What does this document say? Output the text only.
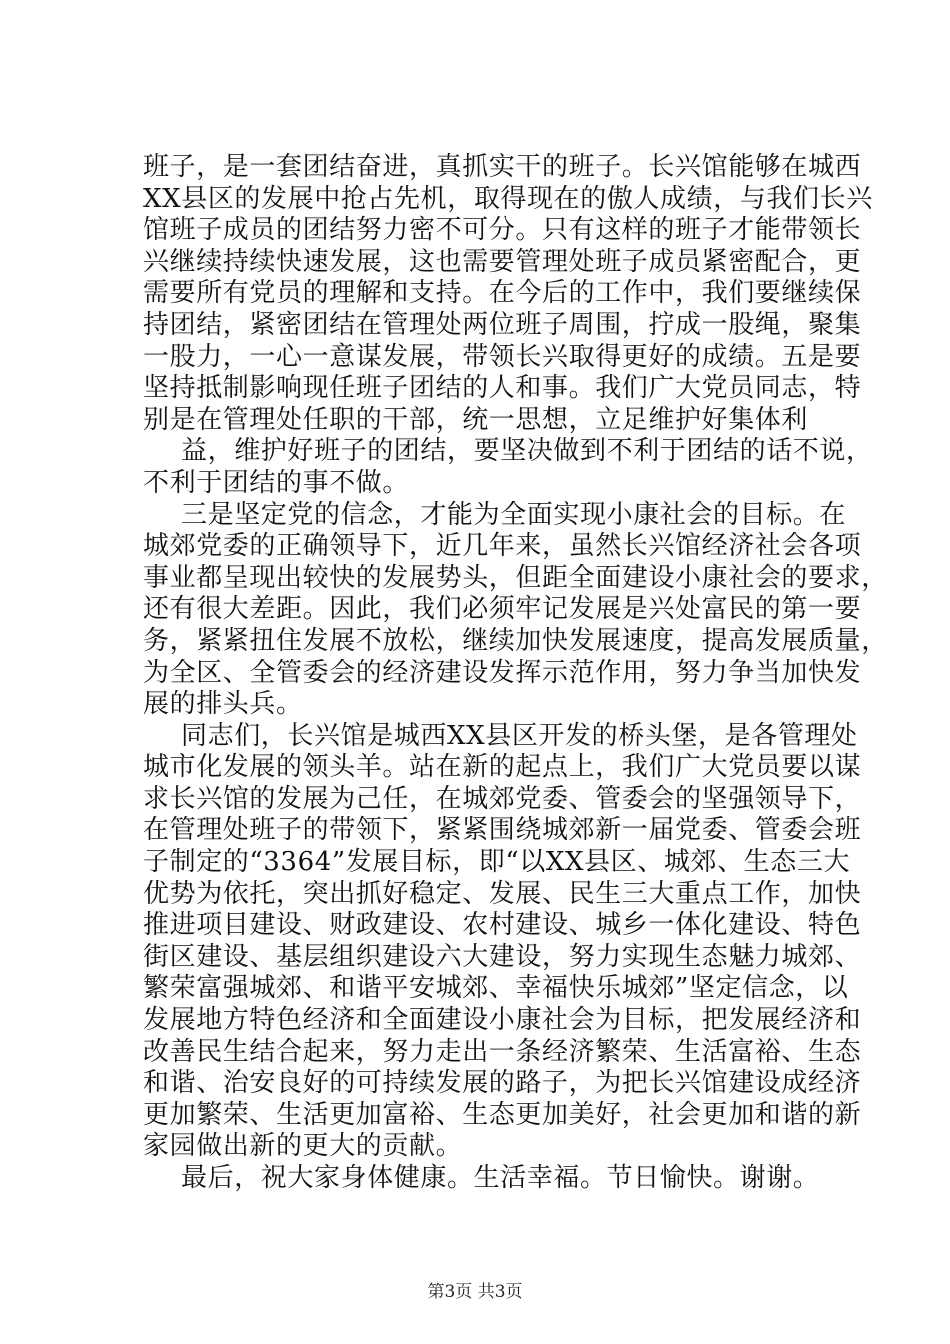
班子，是一套团结奋进，真抓实干的班子。长兴馆能够在城西
XX县区的发展中抢占先机，取得现在的傲人成绩，与我们长兴
馆班子成员的团结努力密不可分。只有这样的班子才能带领长
兴继续持续快速发展，这也需要管理处班子成员紧密配合，更
需要所有党员的理解和支持。在今后的工作中，我们要继续保
持团结，紧密团结在管理处两位班子周围，拧成一股绳，聚集
一股力，一心一意谋发展，带领长兴取得更好的成绩。五是要
坚持抵制影响现任班子团结的人和事。我们广大党员同志，特
别是在管理处任职的干部，统一思想，立足维护好集体利
益，维护好班子的团结，要坚决做到不利于团结的话不说，
不利于团结的事不做。
三是坚定党的信念，才能为全面实现小康社会的目标。在
城郊党委的正确领导下，近几年来，虽然长兴馆经济社会各项
事业都呈现出较快的发展势头，但距全面建设小康社会的要求，
还有很大差距。因此，我们必须牢记发展是兴处富民的第一要
务，紧紧扭住发展不放松，继续加快发展速度，提高发展质量，
为全区、全管委会的经济建设发挥示范作用，努力争当加快发
展的排头兵。
同志们，长兴馆是城西XX县区开发的桥头堡，是各管理处
城市化发展的领头羊。站在新的起点上，我们广大党员要以谋
求长兴馆的发展为己任，在城郊党委、管委会的坚强领导下，
在管理处班子的带领下，紧紧围绕城郊新一届党委、管委会班
子制定的“3364”发展目标，即“以XX县区、城郊、生态三大
优势为依托，突出抓好稳定、发展、民生三大重点工作，加快
推进项目建设、财政建设、农村建设、城乡一体化建设、特色
街区建设、基层组织建设六大建设，努力实现生态魅力城郊、
繁荣富强城郊、和谐平安城郊、幸福快乐城郊”坚定信念，以
发展地方特色经济和全面建设小康社会为目标，把发展经济和
改善民生结合起来，努力走出一条经济繁荣、生活富裕、生态
和谐、治安良好的可持续发展的路子，为把长兴馆建设成经济
更加繁荣、生活更加富裕、生态更加美好，社会更加和谐的新
家园做出新的更大的贡献。
最后，祝大家身体健康。生活幸福。节日愉快。谢谢。
第3页 共3页
